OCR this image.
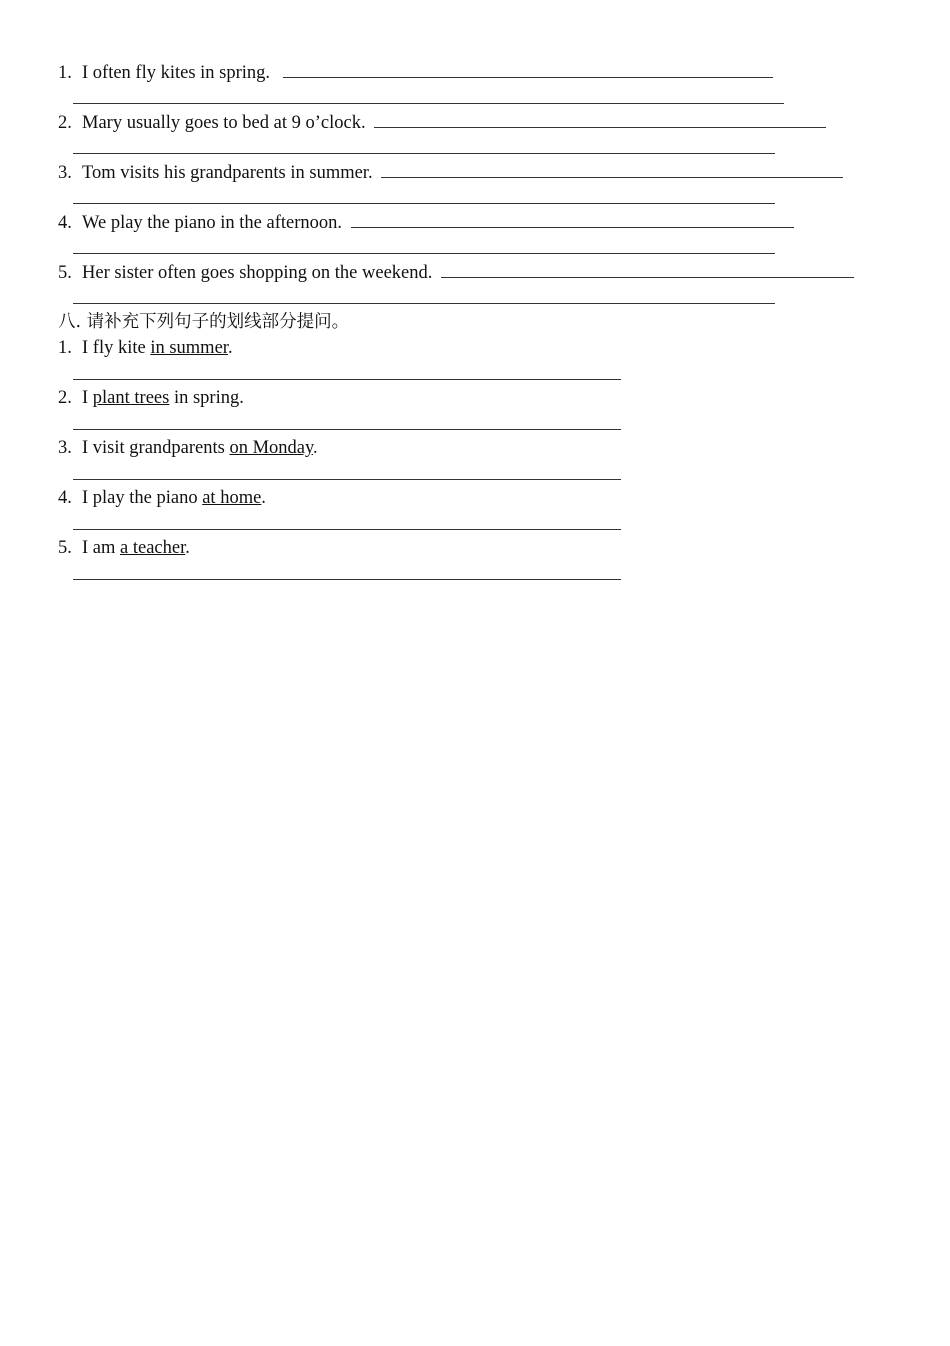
1. I often fly kites in spring.
2. Mary usually goes to bed at 9 o’clock.
3. Tom visits his grandparents in summer.
4. We play the piano in the afternoon.
5. Her sister often goes shopping on the weekend.
八. 请补充下列句子的划线部分提问。
1. I fly kite in summer.
2. I plant trees in spring.
3. I visit grandparents on Monday.
4. I play the piano at home.
5. I am a teacher.
